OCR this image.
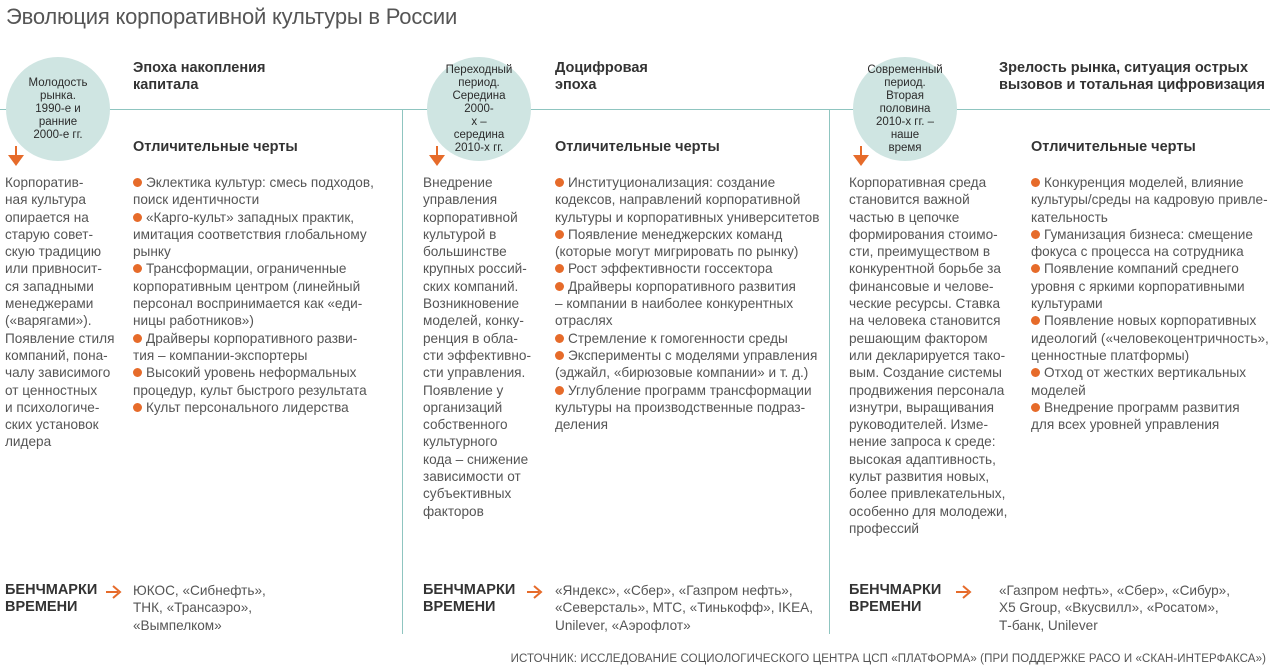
Эволюция корпоративной культуры в России
Молодость
рынка. 1990-е и
ранние 2000-е гг.
Эпоха накопления
капитала
Отличительные черты
Корпоратив-
ная культура
опирается на
старую совет-
скую традицию
или привносит-
ся западными
менеджерами
(«варягами»).
Появление стиля
компаний, пона-
чалу зависимого
от ценностных
и психологиче-
ских установок
лидера
Эклектика культур: смесь подходов,
поиск идентичности
«Карго-культ» западных практик,
имитация соответствия глобальному
рынку
Трансформации, ограниченные
корпоративным центром (линейный
персонал воспринимается как «еди-
ницы работников»)
Драйверы корпоративного разви-
тия – компании-экспортеры
Высокий уровень неформальных
процедур, культ быстрого результата
Культ персонального лидерства
БЕНЧМАРКИ
ВРЕМЕНИ
ЮКОС, «Сибнефть»,
ТНК, «Трансаэро»,
«Вымпелком»
Переходный
период.
Середина 2000-
х – середина
2010-х гг.
Доцифровая
эпоха
Отличительные черты
Внедрение
управления
корпоративной
культурой в
большинстве
крупных россий-
ских компаний.
Возникновение
моделей, конку-
ренция в обла-
сти эффективно-
сти управления.
Появление у
организаций
собственного
культурного
кода – снижение
зависимости от
субъективных
факторов
Институционализация: создание
кодексов, направлений корпоративной
культуры и корпоративных университетов
Появление менеджерских команд
(которые могут мигрировать по рынку)
Рост эффективности госсектора
Драйверы корпоративного развития
– компании в наиболее конкурентных
отраслях
Стремление к гомогенности среды
Эксперименты с моделями управления
(эджайл, «бирюзовые компании» и т. д.)
Углубление программ трансформации
культуры на производственные подраз-
деления
БЕНЧМАРКИ
ВРЕМЕНИ
«Яндекс», «Сбер», «Газпром нефть»,
«Северсталь», МТС, «Тинькофф», IKEA,
Unilever, «Аэрофлот»
Современный
период. Вторая
половина
2010-х гг. – наше
время
Зрелость рынка, ситуация острых
вызовов и тотальная цифровизация
Отличительные черты
Корпоративная среда
становится важной
частью в цепочке
формирования стоимо-
сти, преимуществом в
конкурентной борьбе за
финансовые и челове-
ческие ресурсы. Ставка
на человека становится
решающим фактором
или декларируется тако-
вым. Создание системы
продвижения персонала
изнутри, выращивания
руководителей. Изме-
нение запроса к среде:
высокая адаптивность,
культ развития новых,
более привлекательных,
особенно для молодежи,
профессий
Конкуренция моделей, влияние
культуры/среды на кадровую привле-
кательность
Гуманизация бизнеса: смещение
фокуса с процесса на сотрудника
Появление компаний среднего
уровня с яркими корпоративными
культурами
Появление новых корпоративных
идеологий («человекоцентричность»,
ценностные платформы)
Отход от жестких вертикальных
моделей
Внедрение программ развития
для всех уровней управления
БЕНЧМАРКИ
ВРЕМЕНИ
«Газпром нефть», «Сбер», «Сибур»,
X5 Group, «Вкусвилл», «Росатом»,
Т-банк, Unilever
ИСТОЧНИК: ИССЛЕДОВАНИЕ СОЦИОЛОГИЧЕСКОГО ЦЕНТРА ЦСП «ПЛАТФОРМА» (ПРИ ПОДДЕРЖКЕ РАСО И «СКАН-ИНТЕРФАКСА»)
